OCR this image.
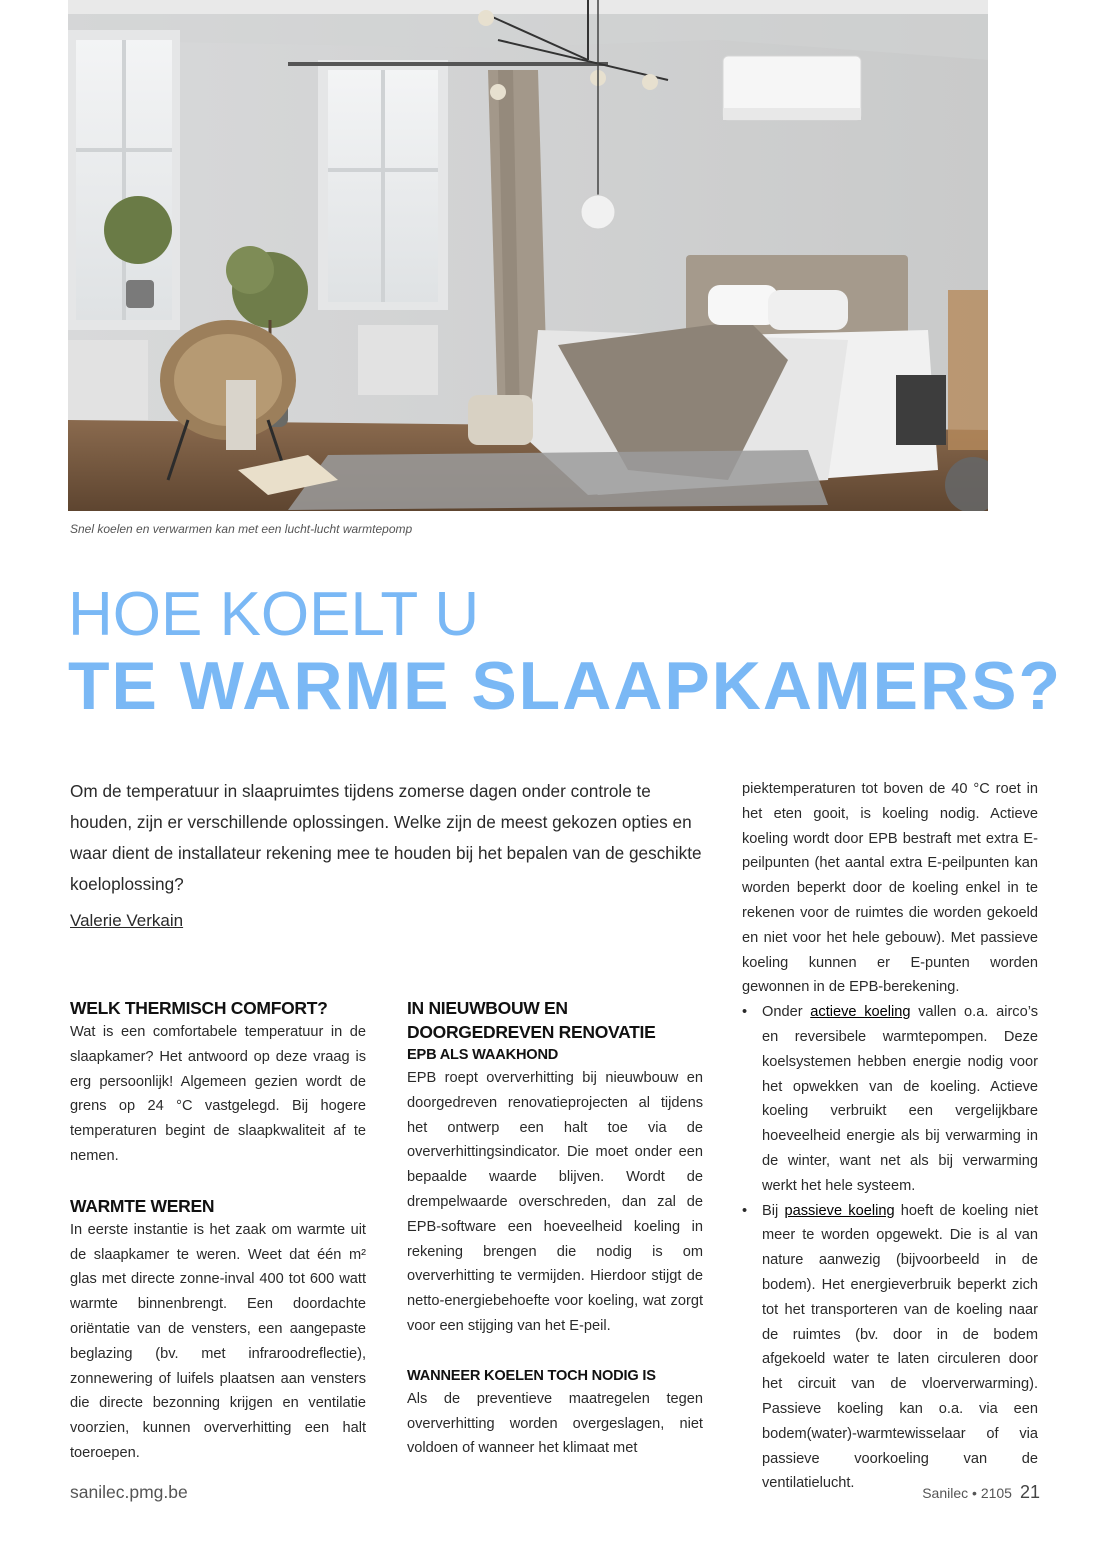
Snel koelen en verwarmen kan met een lucht-lucht warmtepomp
HOE KOELT U
TE WARME SLAAPKAMERS?

Om de temperatuur in slaapruimtes tijdens zomerse dagen onder controle te houden, zijn er verschillende oplossingen. Welke zijn de meest gekozen opties en waar dient de installateur rekening mee te houden bij het bepalen van de geschikte koeloplossing?

Valerie Verkain
WELK THERMISCH COMFORT?

Wat is een comfortabele temperatuur in de slaapkamer? Het antwoord op deze vraag is erg persoonlijk! Algemeen gezien wordt de grens op 24 °C vastgelegd. Bij hogere temperaturen begint de slaapkwaliteit af te nemen.

WARMTE WEREN

In eerste instantie is het zaak om warmte uit de slaapkamer te weren. Weet dat één m² glas met directe zonne-inval 400 tot 600 watt warmte binnenbrengt. Een doordachte oriëntatie van de vensters, een aangepaste beglazing (bv. met infraroodreflectie), zonnewering of luifels plaatsen aan vensters die directe bezonning krijgen en ventilatie voorzien, kunnen oververhitting een halt toeroepen.

IN NIEUWBOUW EN DOORGEDREVEN RENOVATIE
EPB ALS WAAKHOND

EPB roept oververhitting bij nieuwbouw en doorgedreven renovatieprojecten al tijdens het ontwerp een halt toe via de oververhittingsindicator. Die moet onder een bepaalde waarde blijven. Wordt de drempelwaarde overschreden, dan zal de EPB-software een hoeveelheid koeling in rekening brengen die nodig is om oververhitting te vermijden. Hierdoor stijgt de netto-energiebehoefte voor koeling, wat zorgt voor een stijging van het E-peil.

WANNEER KOELEN TOCH NODIG IS

Als de preventieve maatregelen tegen oververhitting worden overgeslagen, niet voldoen of wanneer het klimaat met

piektemperaturen tot boven de 40 °C roet in het eten gooit, is koeling nodig. Actieve koeling wordt door EPB bestraft met extra E-peilpunten (het aantal extra E-peilpunten kan worden beperkt door de koeling enkel in te rekenen voor de ruimtes die worden gekoeld en niet voor het hele gebouw). Met passieve koeling kunnen er E-punten worden gewonnen in de EPB-berekening.

• Onder actieve koeling vallen o.a. airco’s en reversibele warmtepompen. Deze koelsystemen hebben energie nodig voor het opwekken van de koeling. Actieve koeling verbruikt een vergelijkbare hoeveelheid energie als bij verwarming in de winter, want net als bij verwarming werkt het hele systeem.
• Bij passieve koeling hoeft de koeling niet meer te worden opgewekt. Die is al van nature aanwezig (bijvoorbeeld in de bodem). Het energieverbruik beperkt zich tot het transporteren van de koeling naar de ruimtes (bv. door in de bodem afgekoeld water te laten circuleren door het circuit van de vloerverwarming). Passieve koeling kan o.a. via een bodem(water)-warmtewisselaar of via passieve voorkoeling van de ventilatielucht.
sanilec.pmg.be	Sanilec • 2105 21
